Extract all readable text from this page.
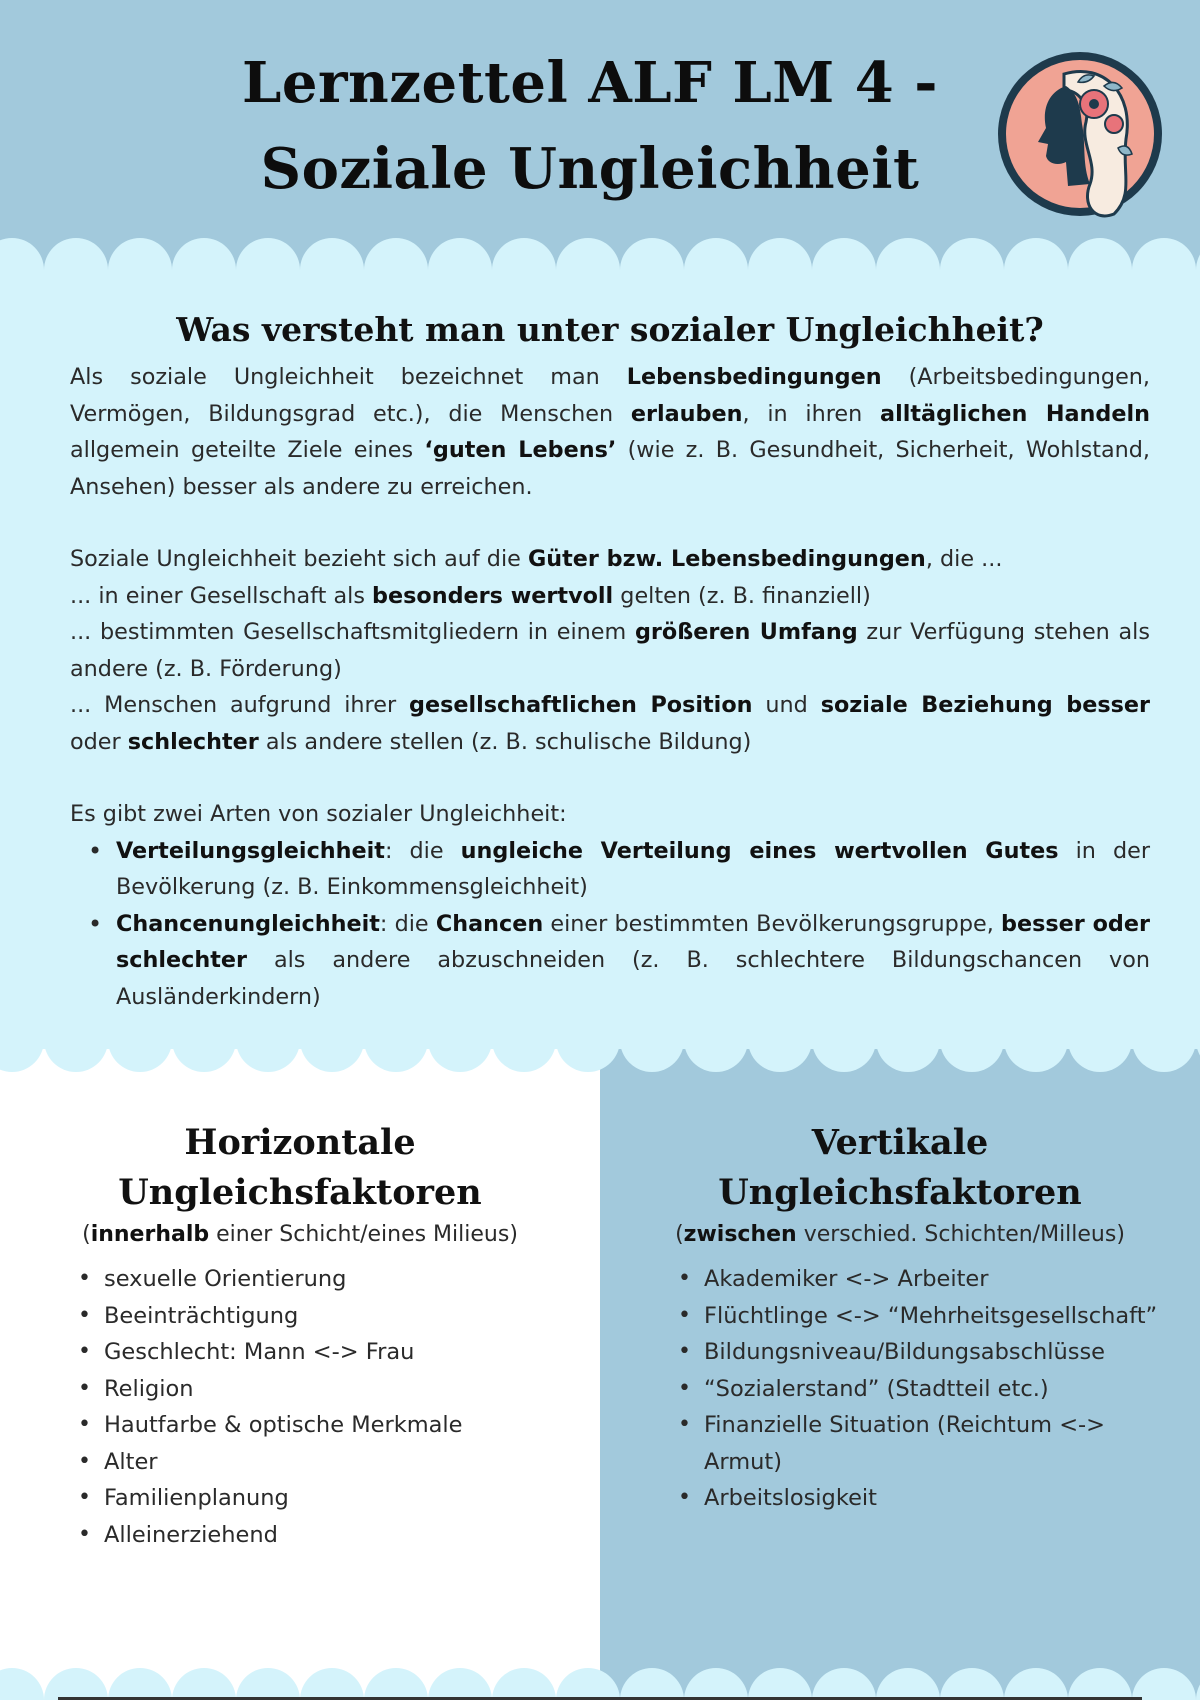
Lernzettel ALF LM 4 -
Soziale Ungleichheit
Was versteht man unter sozialer Ungleichheit?

Als soziale Ungleichheit bezeichnet man Lebensbedingungen (Arbeitsbedingungen, Vermögen, Bildungsgrad etc.), die Menschen erlauben, in ihren alltäglichen Handeln allgemein geteilte Ziele eines ‘guten Lebens’ (wie z. B. Gesundheit, Sicherheit, Wohlstand, Ansehen) besser als andere zu erreichen.

Soziale Ungleichheit bezieht sich auf die Güter bzw. Lebensbedingungen, die ...

... in einer Gesellschaft als besonders wertvoll gelten (z. B. finanziell)

... bestimmten Gesellschaftsmitgliedern in einem größeren Umfang zur Verfügung stehen als andere (z. B. Förderung)

... Menschen aufgrund ihrer gesellschaftlichen Position und soziale Beziehung besser oder schlechter als andere stellen (z. B. schulische Bildung)

Es gibt zwei Arten von sozialer Ungleichheit:

• Verteilungsgleichheit: die ungleiche Verteilung eines wertvollen Gutes in der Bevölkerung (z. B. Einkommensgleichheit)
• Chancenungleichheit: die Chancen einer bestimmten Bevölkerungsgruppe, besser oder schlechter als andere abzuschneiden (z. B. schlechtere Bildungschancen von Ausländerkindern)
Horizontale
Ungleichsfaktoren

(innerhalb einer Schicht/eines Milieus)

• sexuelle Orientierung
• Beeinträchtigung
• Geschlecht: Mann <-> Frau
• Religion
• Hautfarbe & optische Merkmale
• Alter
• Familienplanung
• Alleinerziehend
Vertikale
Ungleichsfaktoren

(zwischen verschied. Schichten/Milleus)

• Akademiker <-> Arbeiter
• Flüchtlinge <-> “Mehrheitsgesellschaft”
• Bildungsniveau/Bildungsabschlüsse
• “Sozialerstand” (Stadtteil etc.)
• Finanzielle Situation (Reichtum <-> Armut)
• Arbeitslosigkeit
